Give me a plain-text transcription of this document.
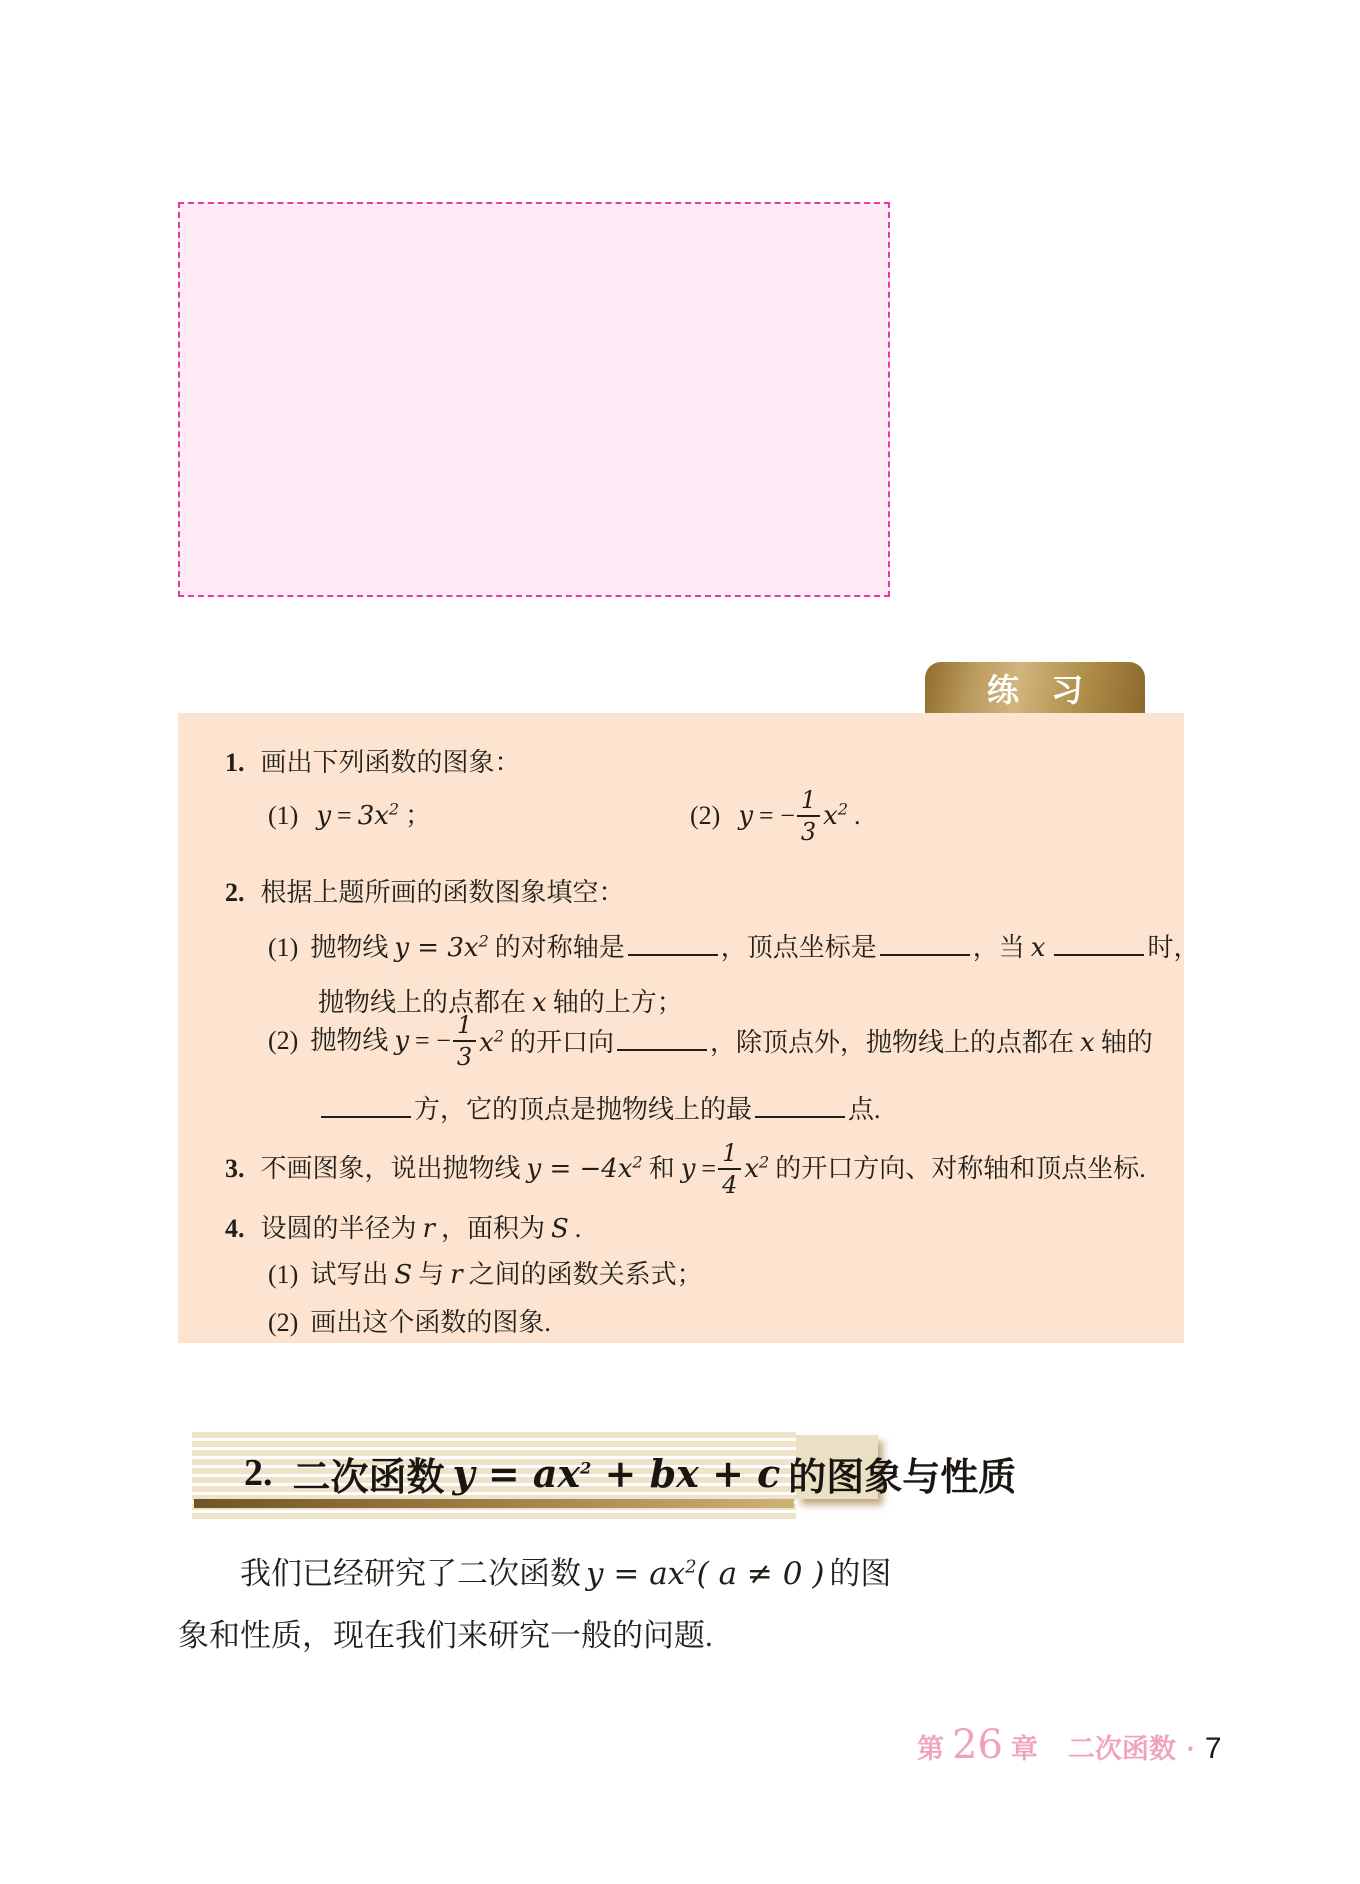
练　习
1. 画出下列函数的图象：
(1) $y = 3x^2$ ；	(2) y = − $\frac{1}{3} x^2$ .
2. 根据上题所画的函数图象填空：
(1) 抛物线 $y = 3x^2$ 的对称轴是	，顶点坐标是	，当 x	时，
抛物线上的点都在 x 轴的上方；
(2) 抛物线 y = − $\frac{1}{3} x^2$ 的开口向	，除顶点外，抛物线上的点都在 x 轴的
方，它的顶点是抛物线上的最	点.
3. 不画图象，说出抛物线 $y = -4x^2$ 和 $y = \frac{1}{4} x^2$ 的开口方向、对称轴和顶点坐标.
4. 设圆的半径为 r ，面积为 S .
(1) 试写出 S 与 r 之间的函数关系式；
(2) 画出这个函数的图象.
2. 二次函数 $y = ax^2$ + bx + c 的图象与性质
我们已经研究了二次函数 $y = ax^2$( a ≠ 0 ) 的图象和性质，现在我们来研究一般的问题.
第 26 章 二次函数 · 7
